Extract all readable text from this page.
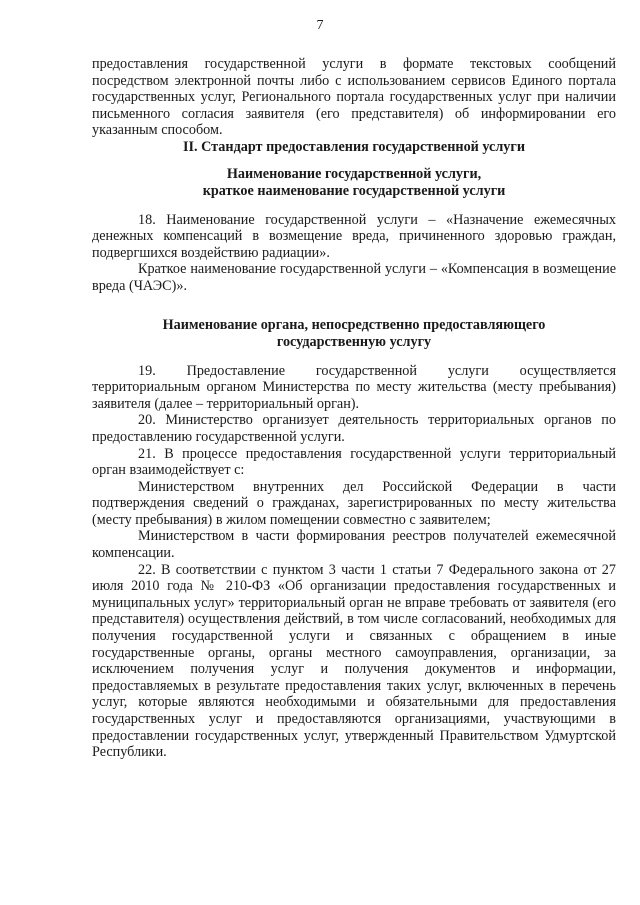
7

предоставления государственной услуги в формате текстовых сообщений посредством электронной почты либо с использованием сервисов Единого портала государственных услуг, Регионального портала государственных услуг при наличии письменного согласия заявителя (его представителя) об информировании его указанным способом.

II. Стандарт предоставления государственной услуги

Наименование государственной услуги,
краткое наименование государственной услуги

18. Наименование государственной услуги – «Назначение ежемесячных денежных компенсаций в возмещение вреда, причиненного здоровью граждан, подвергшихся воздействию радиации».

Краткое наименование государственной услуги – «Компенсация в возмещение вреда (ЧАЭС)».

Наименование органа, непосредственно предоставляющего
государственную услугу

19. Предоставление государственной услуги осуществляется территориальным органом Министерства по месту жительства (месту пребывания) заявителя (далее – территориальный орган).

20. Министерство организует деятельность территориальных органов по предоставлению государственной услуги.

21. В процессе предоставления государственной услуги территориальный орган взаимодействует с:

Министерством внутренних дел Российской Федерации в части подтверждения сведений о гражданах, зарегистрированных по месту жительства (месту пребывания) в жилом помещении совместно с заявителем;

Министерством в части формирования реестров получателей ежемесячной компенсации.

22. В соответствии с пунктом 3 части 1 статьи 7 Федерального закона от 27 июля 2010 года № 210-ФЗ «Об организации предоставления государственных и муниципальных услуг» территориальный орган не вправе требовать от заявителя (его представителя) осуществления действий, в том числе согласований, необходимых для получения государственной услуги и связанных с обращением в иные государственные органы, органы местного самоуправления, организации, за исключением получения услуг и получения документов и информации, предоставляемых в результате предоставления таких услуг, включенных в перечень услуг, которые являются необходимыми и обязательными для предоставления государственных услуг и предоставляются организациями, участвующими в предоставлении государственных услуг, утвержденный Правительством Удмуртской Республики.
